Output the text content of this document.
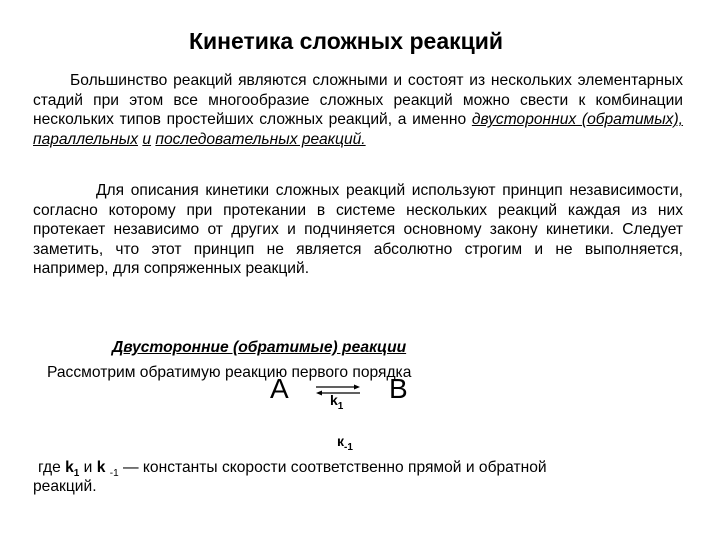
Кинетика сложных реакций

Большинство реакций являются сложными и состоят из нескольких элементарных стадий при этом все многообразие сложных реакций можно свести к комбинации нескольких типов простейших сложных реакций, а именно двусторонних (обратимых), параллельных и последовательных реакций.

Для описания кинетики сложных реакций используют принцип независимости, согласно которому при протекании в системе нескольких реакций каждая из них протекает независимо от других и подчиняется основному закону кинетики. Следует заметить, что этот принцип не является абсолютно строгим и не выполняется, например, для сопряженных реакций.

Двусторонние (обратимые) реакции
Рассмотрим обратимую реакцию первого порядка
A	B
$k_1$
$к_{-1}$
где $k_1$ и k $_{-1}$ — константы скорости соответственно прямой и обратной
реакций.
